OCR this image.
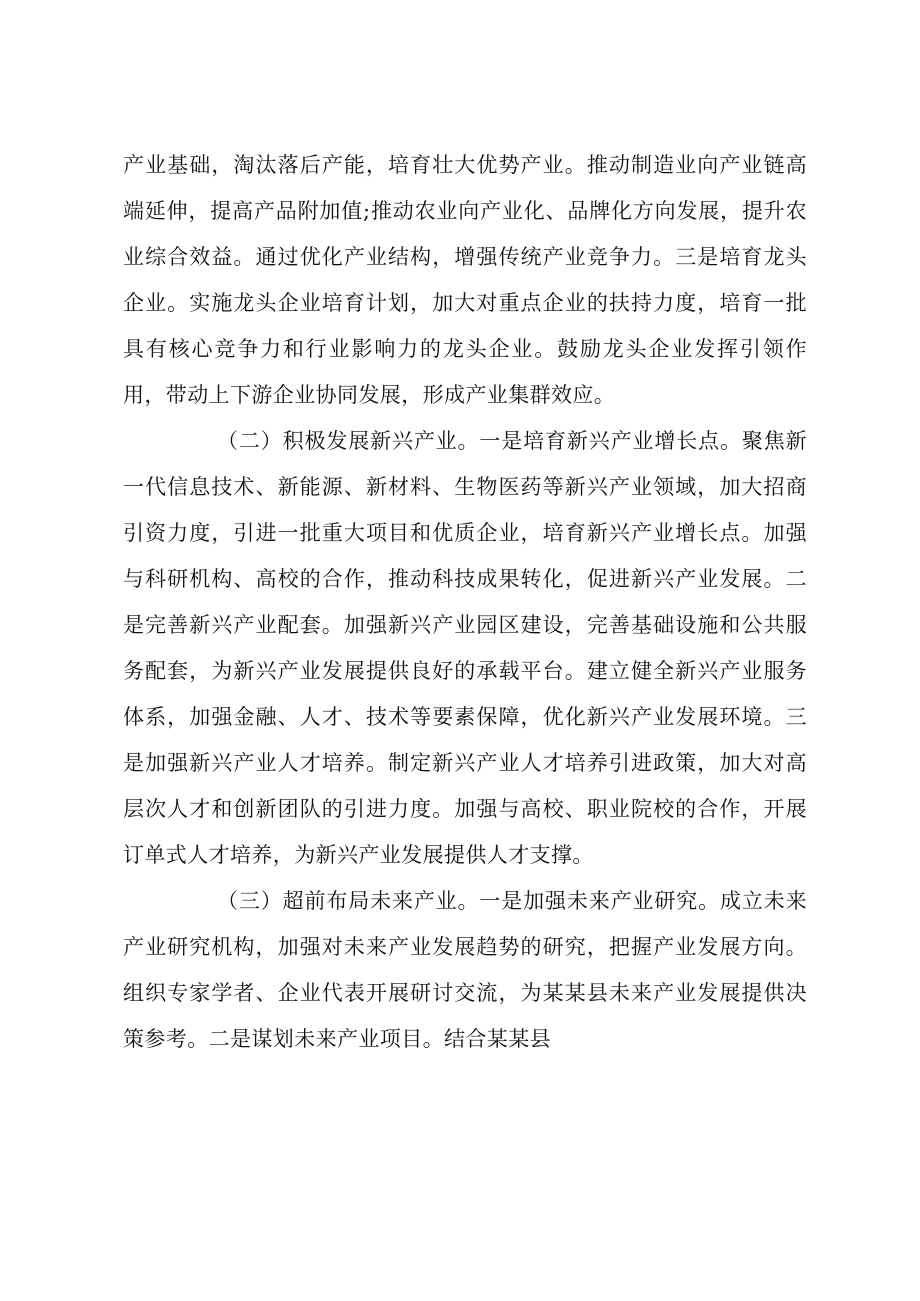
产业基础，淘汰落后产能，培育壮大优势产业。推动制造业向产业链高端延伸，提高产品附加值;推动农业向产业化、品牌化方向发展，提升农业综合效益。通过优化产业结构，增强传统产业竞争力。三是培育龙头企业。实施龙头企业培育计划，加大对重点企业的扶持力度，培育一批具有核心竞争力和行业影响力的龙头企业。鼓励龙头企业发挥引领作用，带动上下游企业协同发展，形成产业集群效应。

（二）积极发展新兴产业。一是培育新兴产业增长点。聚焦新一代信息技术、新能源、新材料、生物医药等新兴产业领域，加大招商引资力度，引进一批重大项目和优质企业，培育新兴产业增长点。加强与科研机构、高校的合作，推动科技成果转化，促进新兴产业发展。二是完善新兴产业配套。加强新兴产业园区建设，完善基础设施和公共服务配套，为新兴产业发展提供良好的承载平台。建立健全新兴产业服务体系，加强金融、人才、技术等要素保障，优化新兴产业发展环境。三是加强新兴产业人才培养。制定新兴产业人才培养引进政策，加大对高层次人才和创新团队的引进力度。加强与高校、职业院校的合作，开展订单式人才培养，为新兴产业发展提供人才支撑。

（三）超前布局未来产业。一是加强未来产业研究。成立未来产业研究机构，加强对未来产业发展趋势的研究，把握产业发展方向。组织专家学者、企业代表开展研讨交流，为某某县未来产业发展提供决策参考。二是谋划未来产业项目。结合某某县
